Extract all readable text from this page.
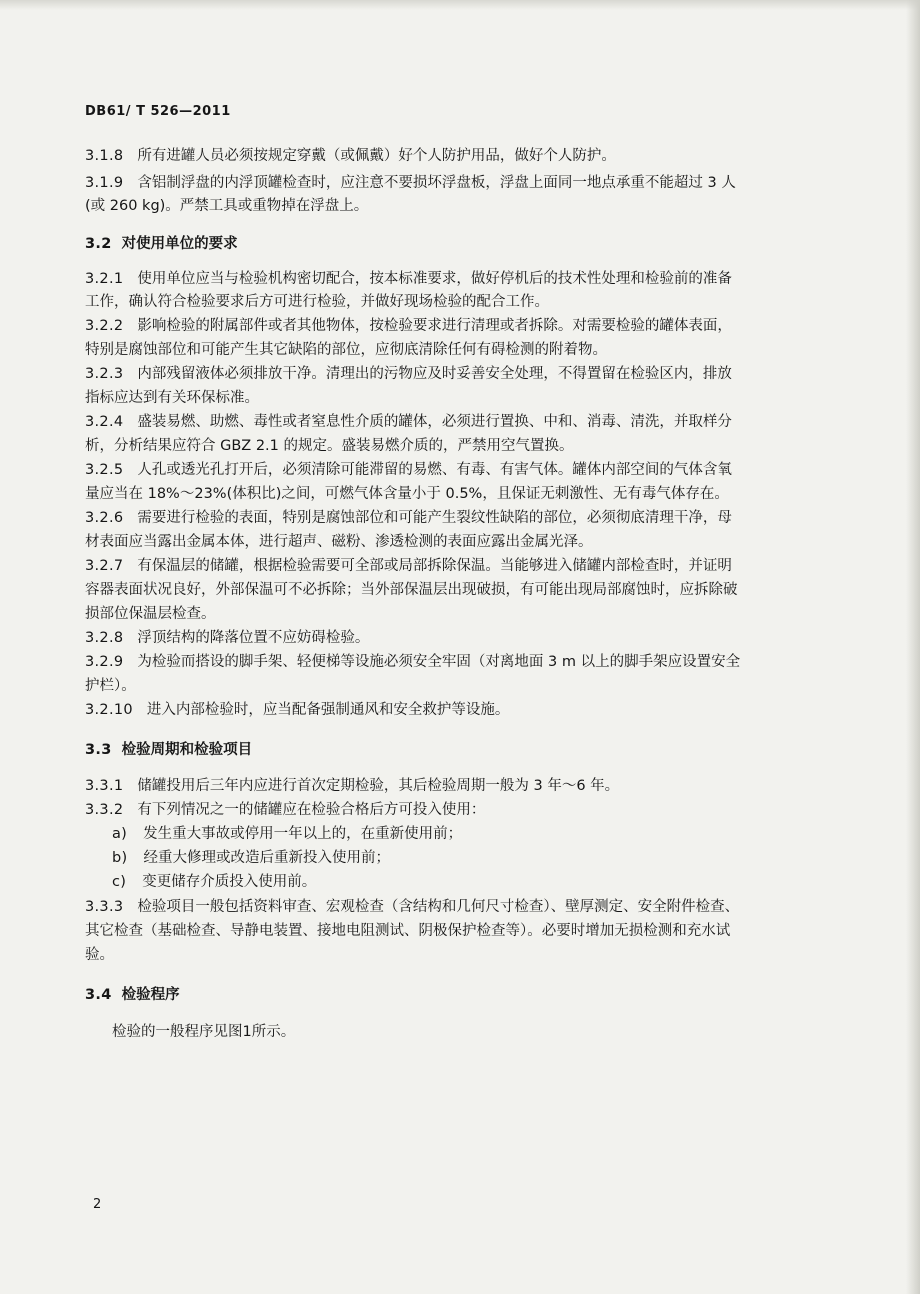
DB61/ T 526—2011
3.1.8 所有进罐人员必须按规定穿戴（或佩戴）好个人防护用品，做好个人防护。
3.1.9 含铝制浮盘的内浮顶罐检查时，应注意不要损坏浮盘板，浮盘上面同一地点承重不能超过 3 人
(或 260 kg)。严禁工具或重物掉在浮盘上。
3.2 对使用单位的要求
3.2.1 使用单位应当与检验机构密切配合，按本标准要求，做好停机后的技术性处理和检验前的准备
工作，确认符合检验要求后方可进行检验，并做好现场检验的配合工作。
3.2.2 影响检验的附属部件或者其他物体，按检验要求进行清理或者拆除。对需要检验的罐体表面，
特别是腐蚀部位和可能产生其它缺陷的部位，应彻底清除任何有碍检测的附着物。
3.2.3 内部残留液体必须排放干净。清理出的污物应及时妥善安全处理，不得置留在检验区内，排放
指标应达到有关环保标准。
3.2.4 盛装易燃、助燃、毒性或者窒息性介质的罐体，必须进行置换、中和、消毒、清洗，并取样分
析，分析结果应符合 GBZ 2.1 的规定。盛装易燃介质的，严禁用空气置换。
3.2.5 人孔或透光孔打开后，必须清除可能滞留的易燃、有毒、有害气体。罐体内部空间的气体含氧
量应当在 18%～23%(体积比)之间，可燃气体含量小于 0.5%，且保证无刺激性、无有毒气体存在。
3.2.6 需要进行检验的表面，特别是腐蚀部位和可能产生裂纹性缺陷的部位，必须彻底清理干净，母
材表面应当露出金属本体，进行超声、磁粉、渗透检测的表面应露出金属光泽。
3.2.7 有保温层的储罐，根据检验需要可全部或局部拆除保温。当能够进入储罐内部检查时，并证明
容器表面状况良好，外部保温可不必拆除；当外部保温层出现破损，有可能出现局部腐蚀时，应拆除破
损部位保温层检查。
3.2.8 浮顶结构的降落位置不应妨碍检验。
3.2.9 为检验而搭设的脚手架、轻便梯等设施必须安全牢固（对离地面 3 m 以上的脚手架应设置安全
护栏）。
3.2.10 进入内部检验时，应当配备强制通风和安全救护等设施。
3.3 检验周期和检验项目
3.3.1 储罐投用后三年内应进行首次定期检验，其后检验周期一般为 3 年～6 年。
3.3.2 有下列情况之一的储罐应在检验合格后方可投入使用：
a) 发生重大事故或停用一年以上的，在重新使用前；
b) 经重大修理或改造后重新投入使用前；
c) 变更储存介质投入使用前。
3.3.3 检验项目一般包括资料审查、宏观检查（含结构和几何尺寸检查）、壁厚测定、安全附件检查、
其它检查（基础检查、导静电装置、接地电阻测试、阴极保护检查等）。必要时增加无损检测和充水试
验。
3.4 检验程序
检验的一般程序见图1所示。
2
